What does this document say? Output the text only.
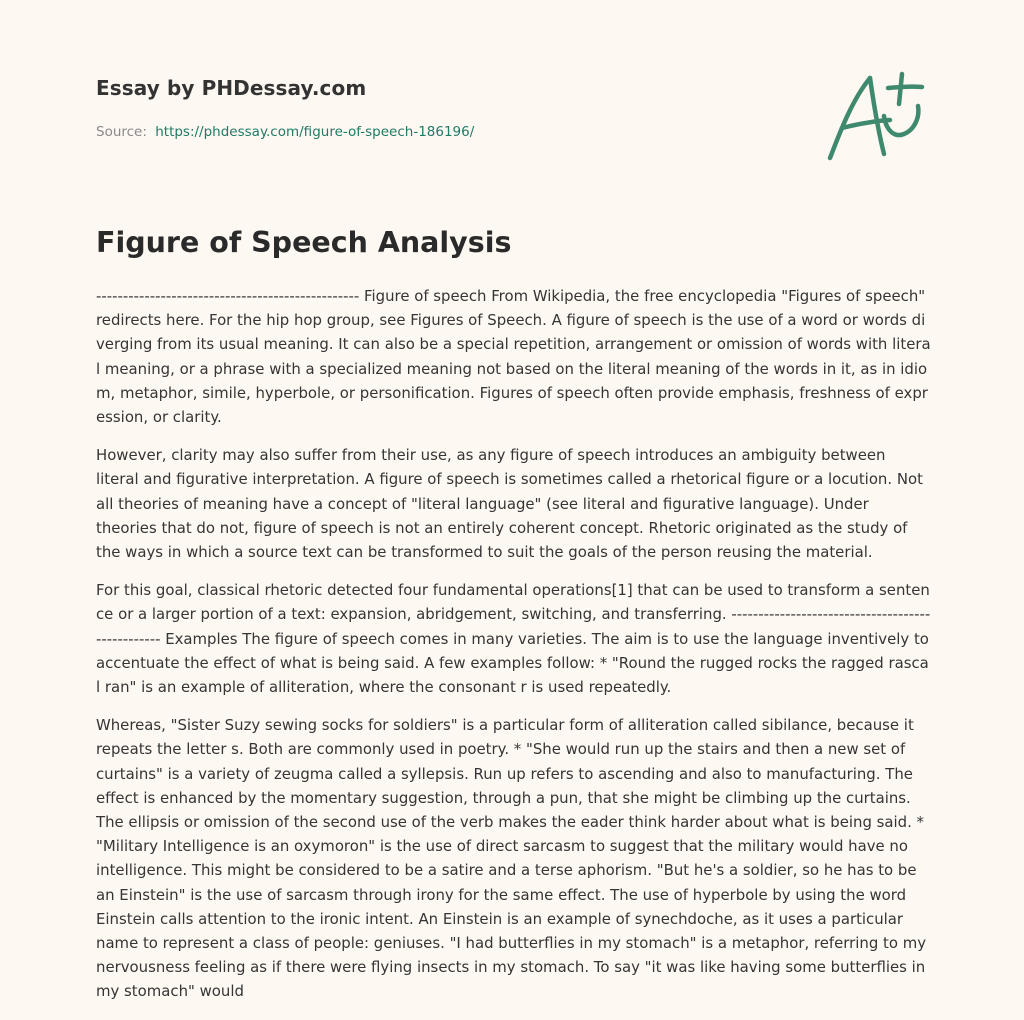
Essay by PHDessay.com
Source: https://phdessay.com/figure-of-speech-186196/
Figure of Speech Analysis

------------------------------------------------- Figure of speech From Wikipedia, the free encyclopedia "Figures of speech" redirects here. For the hip hop group, see Figures of Speech. A figure of speech is the use of a word or words diverging from its usual meaning. It can also be a special repetition, arrangement or omission of words with literal meaning, or a phrase with a specialized meaning not based on the literal meaning of the words in it, as in idiom, metaphor, simile, hyperbole, or personification. Figures of speech often provide emphasis, freshness of expression, or clarity.

However, clarity may also suffer from their use, as any figure of speech introduces an ambiguity between literal and figurative interpretation. A figure of speech is sometimes called a rhetorical figure or a locution. Not all theories of meaning have a concept of "literal language" (see literal and figurative language). Under theories that do not, figure of speech is not an entirely coherent concept. Rhetoric originated as the study of the ways in which a source text can be transformed to suit the goals of the person reusing the material.

For this goal, classical rhetoric detected four fundamental operations[1] that can be used to transform a sentence or a larger portion of a text: expansion, abridgement, switching, and transferring. ------------------------------------------------- Examples The figure of speech comes in many varieties. The aim is to use the language inventively to accentuate the effect of what is being said. A few examples follow: * "Round the rugged rocks the ragged rascal ran" is an example of alliteration, where the consonant r is used repeatedly.

Whereas, "Sister Suzy sewing socks for soldiers" is a particular form of alliteration called sibilance, because it repeats the letter s. Both are commonly used in poetry. * "She would run up the stairs and then a new set of curtains" is a variety of zeugma called a syllepsis. Run up refers to ascending and also to manufacturing. The effect is enhanced by the momentary suggestion, through a pun, that she might be climbing up the curtains. The ellipsis or omission of the second use of the verb makes the eader think harder about what is being said. * "Military Intelligence is an oxymoron" is the use of direct sarcasm to suggest that the military would have no intelligence. This might be considered to be a satire and a terse aphorism. "But he's a soldier, so he has to be an Einstein" is the use of sarcasm through irony for the same effect. The use of hyperbole by using the word Einstein calls attention to the ironic intent. An Einstein is an example of synechdoche, as it uses a particular name to represent a class of people: geniuses. "I had butterflies in my stomach" is a metaphor, referring to my nervousness feeling as if there were flying insects in my stomach. To say "it was like having some butterflies in my stomach" would
